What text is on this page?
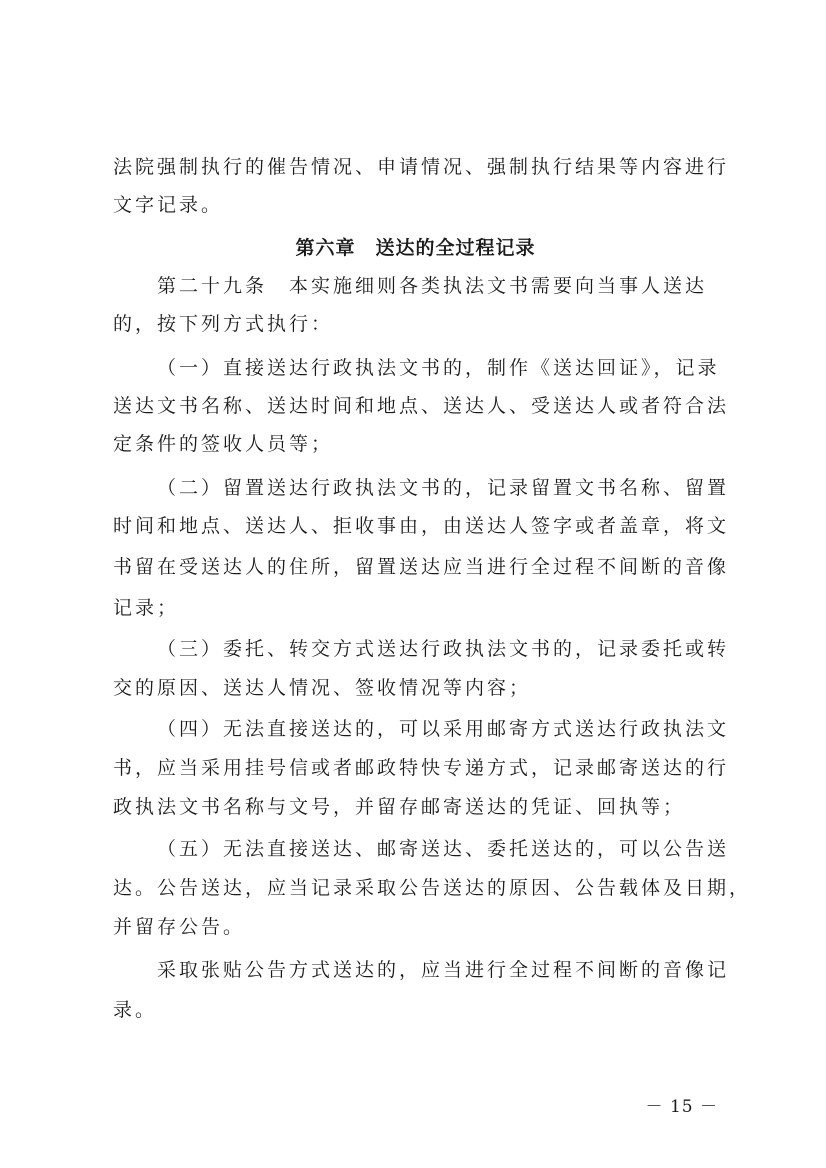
法院强制执行的催告情况、申请情况、强制执行结果等内容进行
文字记录。
第六章　送达的全过程记录
第二十九条　本实施细则各类执法文书需要向当事人送达
的，按下列方式执行：
（一）直接送达行政执法文书的，制作《送达回证》，记录
送达文书名称、送达时间和地点、送达人、受送达人或者符合法
定条件的签收人员等；
（二）留置送达行政执法文书的，记录留置文书名称、留置
时间和地点、送达人、拒收事由，由送达人签字或者盖章，将文
书留在受送达人的住所，留置送达应当进行全过程不间断的音像
记录；
（三）委托、转交方式送达行政执法文书的，记录委托或转
交的原因、送达人情况、签收情况等内容；
（四）无法直接送达的，可以采用邮寄方式送达行政执法文
书，应当采用挂号信或者邮政特快专递方式，记录邮寄送达的行
政执法文书名称与文号，并留存邮寄送达的凭证、回执等；
（五）无法直接送达、邮寄送达、委托送达的，可以公告送
达。公告送达，应当记录采取公告送达的原因、公告载体及日期，
并留存公告。
采取张贴公告方式送达的，应当进行全过程不间断的音像记
录。
－ 15 －
